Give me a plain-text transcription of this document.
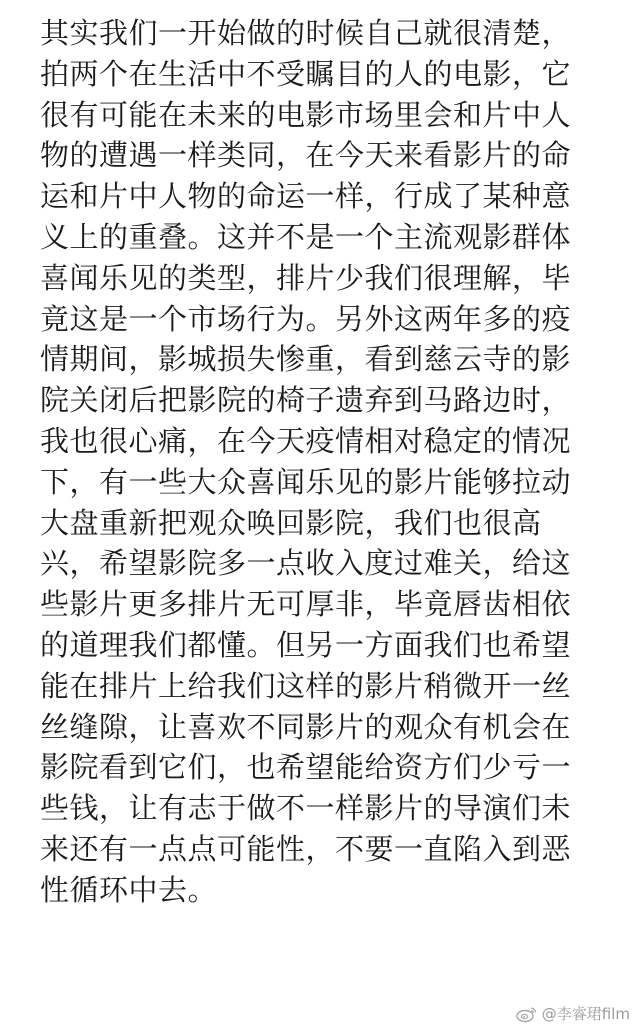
其实我们一开始做的时候自己就很清楚，
拍两个在生活中不受瞩目的人的电影，它
很有可能在未来的电影市场里会和片中人
物的遭遇一样类同，在今天来看影片的命
运和片中人物的命运一样，行成了某种意
义上的重叠。这并不是一个主流观影群体
喜闻乐见的类型，排片少我们很理解，毕
竟这是一个市场行为。另外这两年多的疫
情期间，影城损失惨重，看到慈云寺的影
院关闭后把影院的椅子遗弃到马路边时，
我也很心痛，在今天疫情相对稳定的情况
下，有一些大众喜闻乐见的影片能够拉动
大盘重新把观众唤回影院，我们也很高
兴，希望影院多一点收入度过难关，给这
些影片更多排片无可厚非，毕竟唇齿相依
的道理我们都懂。但另一方面我们也希望
能在排片上给我们这样的影片稍微开一丝
丝缝隙，让喜欢不同影片的观众有机会在
影院看到它们，也希望能给资方们少亏一
些钱，让有志于做不一样影片的导演们未
来还有一点点可能性，不要一直陷入到恶
性循环中去。
@李睿珺film
